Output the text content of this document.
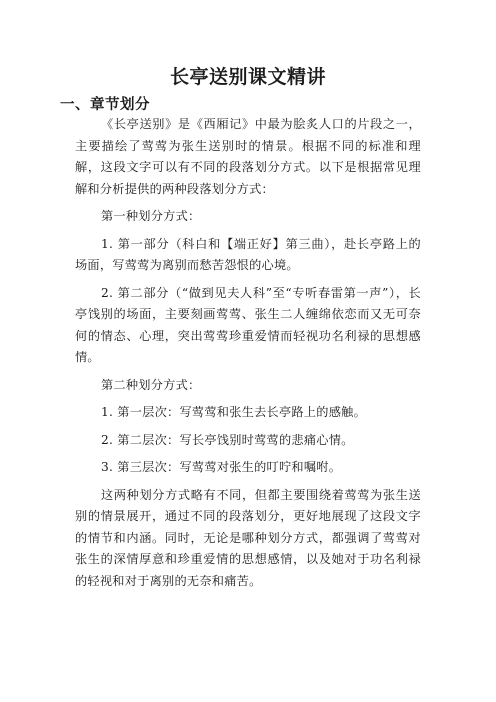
长亭送别课文精讲
一、章节划分

《长亭送别》是《西厢记》中最为脍炙人口的片段之一，主要描绘了莺莺为张生送别时的情景。根据不同的标准和理解，这段文字可以有不同的段落划分方式。以下是根据常见理解和分析提供的两种段落划分方式：

第一种划分方式：

1. 第一部分（科白和【端正好】第三曲），赴长亭路上的场面，写莺莺为离别而愁苦怨恨的心境。

2. 第二部分（“做到见夫人科”至“专听春雷第一声”），长亭饯别的场面，主要刻画莺莺、张生二人缠绵依恋而又无可奈何的情态、心理，突出莺莺珍重爱情而轻视功名利禄的思想感情。

第二种划分方式：

1. 第一层次：写莺莺和张生去长亭路上的感触。

2. 第二层次：写长亭饯别时莺莺的悲痛心情。

3. 第三层次：写莺莺对张生的叮咛和嘱咐。

这两种划分方式略有不同，但都主要围绕着莺莺为张生送别的情景展开，通过不同的段落划分，更好地展现了这段文字的情节和内涵。同时，无论是哪种划分方式，都强调了莺莺对张生的深情厚意和珍重爱情的思想感情，以及她对于功名利禄的轻视和对于离别的无奈和痛苦。
